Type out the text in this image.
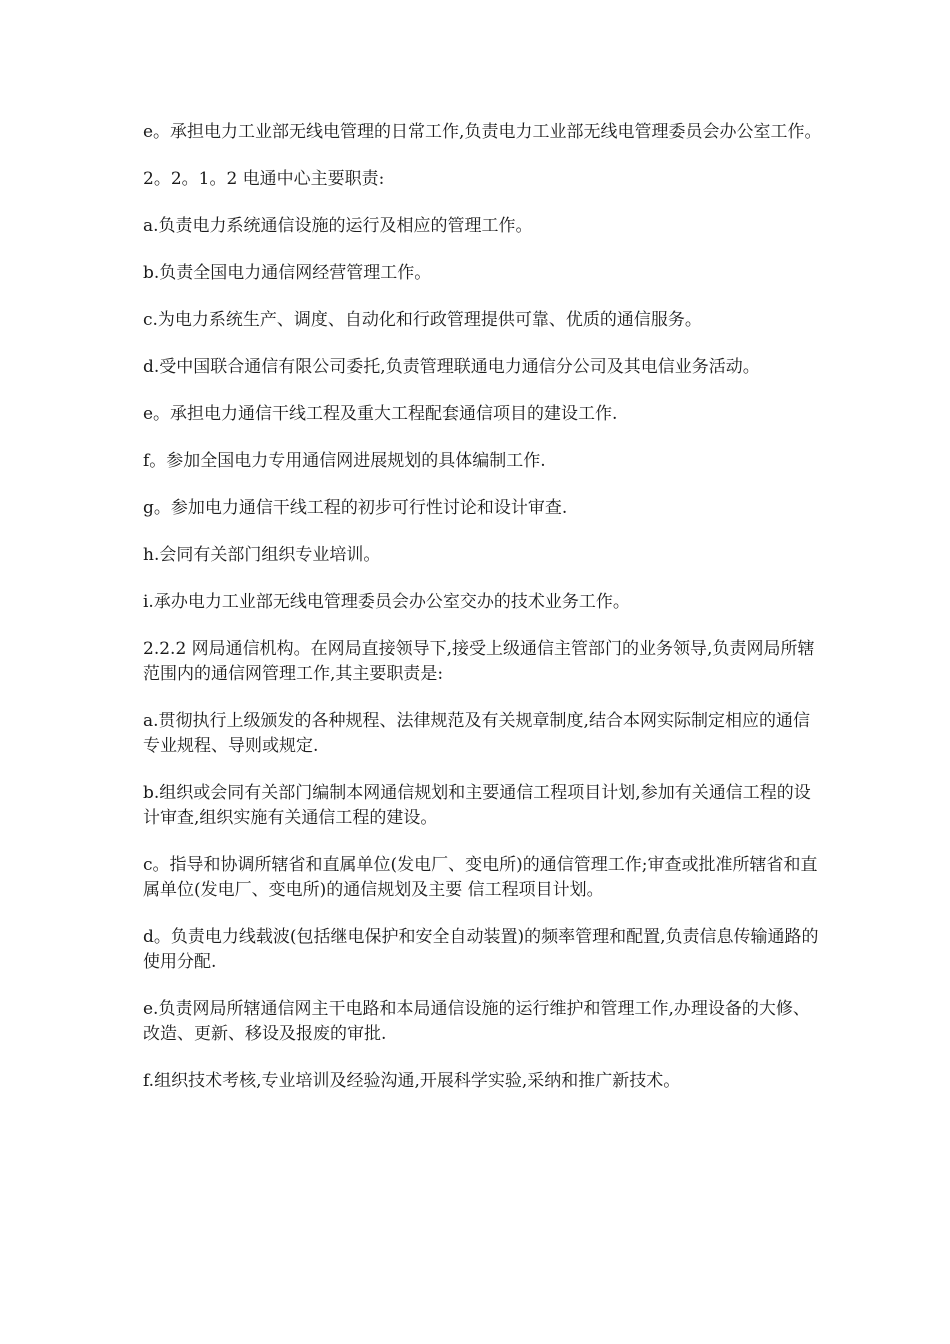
e。承担电力工业部无线电管理的日常工作,负责电力工业部无线电管理委员会办公室工作。

2。2。1。2 电通中心主要职责:

a.负责电力系统通信设施的运行及相应的管理工作。

b.负责全国电力通信网经营管理工作。

c.为电力系统生产、调度、自动化和行政管理提供可靠、优质的通信服务。

d.受中国联合通信有限公司委托,负责管理联通电力通信分公司及其电信业务活动。

e。承担电力通信干线工程及重大工程配套通信项目的建设工作.

f。参加全国电力专用通信网进展规划的具体编制工作.

g。参加电力通信干线工程的初步可行性讨论和设计审查.

h.会同有关部门组织专业培训。

i.承办电力工业部无线电管理委员会办公室交办的技术业务工作。

2.2.2 网局通信机构。在网局直接领导下,接受上级通信主管部门的业务领导,负责网局所辖范围内的通信网管理工作,其主要职责是:

a.贯彻执行上级颁发的各种规程、法律规范及有关规章制度,结合本网实际制定相应的通信专业规程、导则或规定.

b.组织或会同有关部门编制本网通信规划和主要通信工程项目计划,参加有关通信工程的设计审查,组织实施有关通信工程的建设。

c。指导和协调所辖省和直属单位(发电厂、变电所)的通信管理工作;审查或批准所辖省和直属单位(发电厂、变电所)的通信规划及主要 信工程项目计划。

d。负责电力线载波(包括继电保护和安全自动装置)的频率管理和配置,负责信息传输通路的使用分配.

e.负责网局所辖通信网主干电路和本局通信设施的运行维护和管理工作,办理设备的大修、改造、更新、移设及报废的审批.

f.组织技术考核,专业培训及经验沟通,开展科学实验,采纳和推广新技术。
